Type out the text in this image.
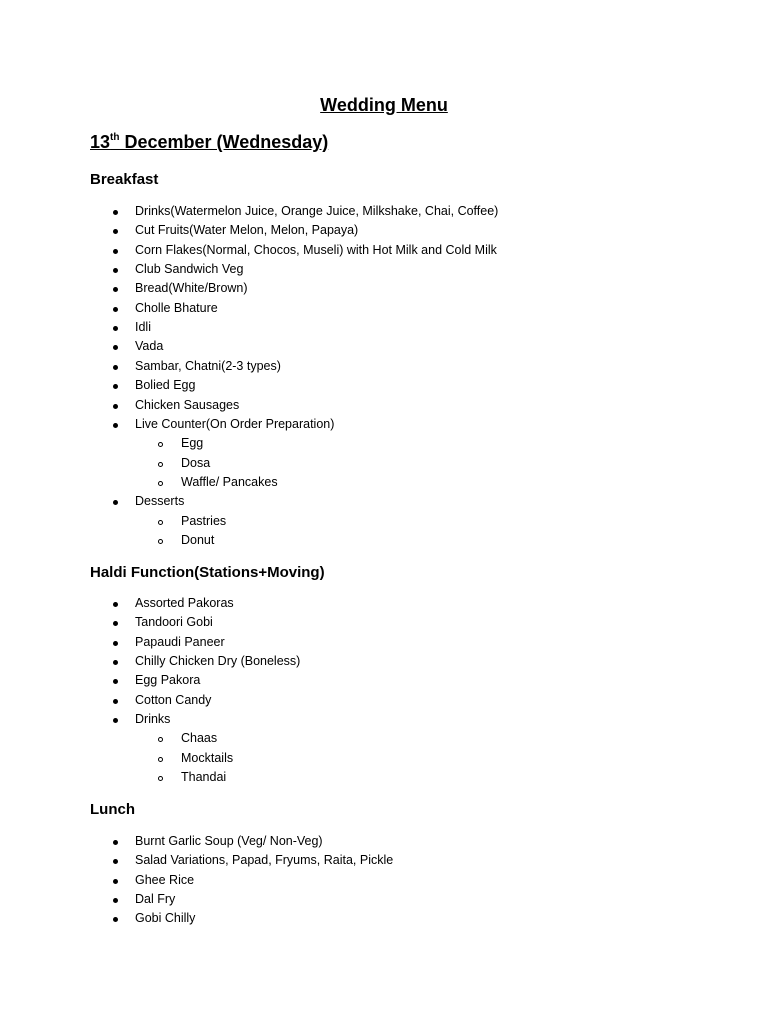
Wedding Menu
13th December (Wednesday)
Breakfast
Drinks(Watermelon Juice, Orange Juice, Milkshake, Chai, Coffee)
Cut Fruits(Water Melon, Melon, Papaya)
Corn Flakes(Normal, Chocos, Museli) with Hot Milk and Cold Milk
Club Sandwich Veg
Bread(White/Brown)
Cholle Bhature
Idli
Vada
Sambar, Chatni(2-3 types)
Bolied Egg
Chicken Sausages
Live Counter(On Order Preparation)
Egg
Dosa
Waffle/ Pancakes
Desserts
Pastries
Donut
Haldi Function(Stations+Moving)
Assorted Pakoras
Tandoori Gobi
Papaudi Paneer
Chilly Chicken Dry (Boneless)
Egg Pakora
Cotton Candy
Drinks
Chaas
Mocktails
Thandai
Lunch
Burnt Garlic Soup (Veg/ Non-Veg)
Salad Variations, Papad, Fryums, Raita, Pickle
Ghee Rice
Dal Fry
Gobi Chilly
